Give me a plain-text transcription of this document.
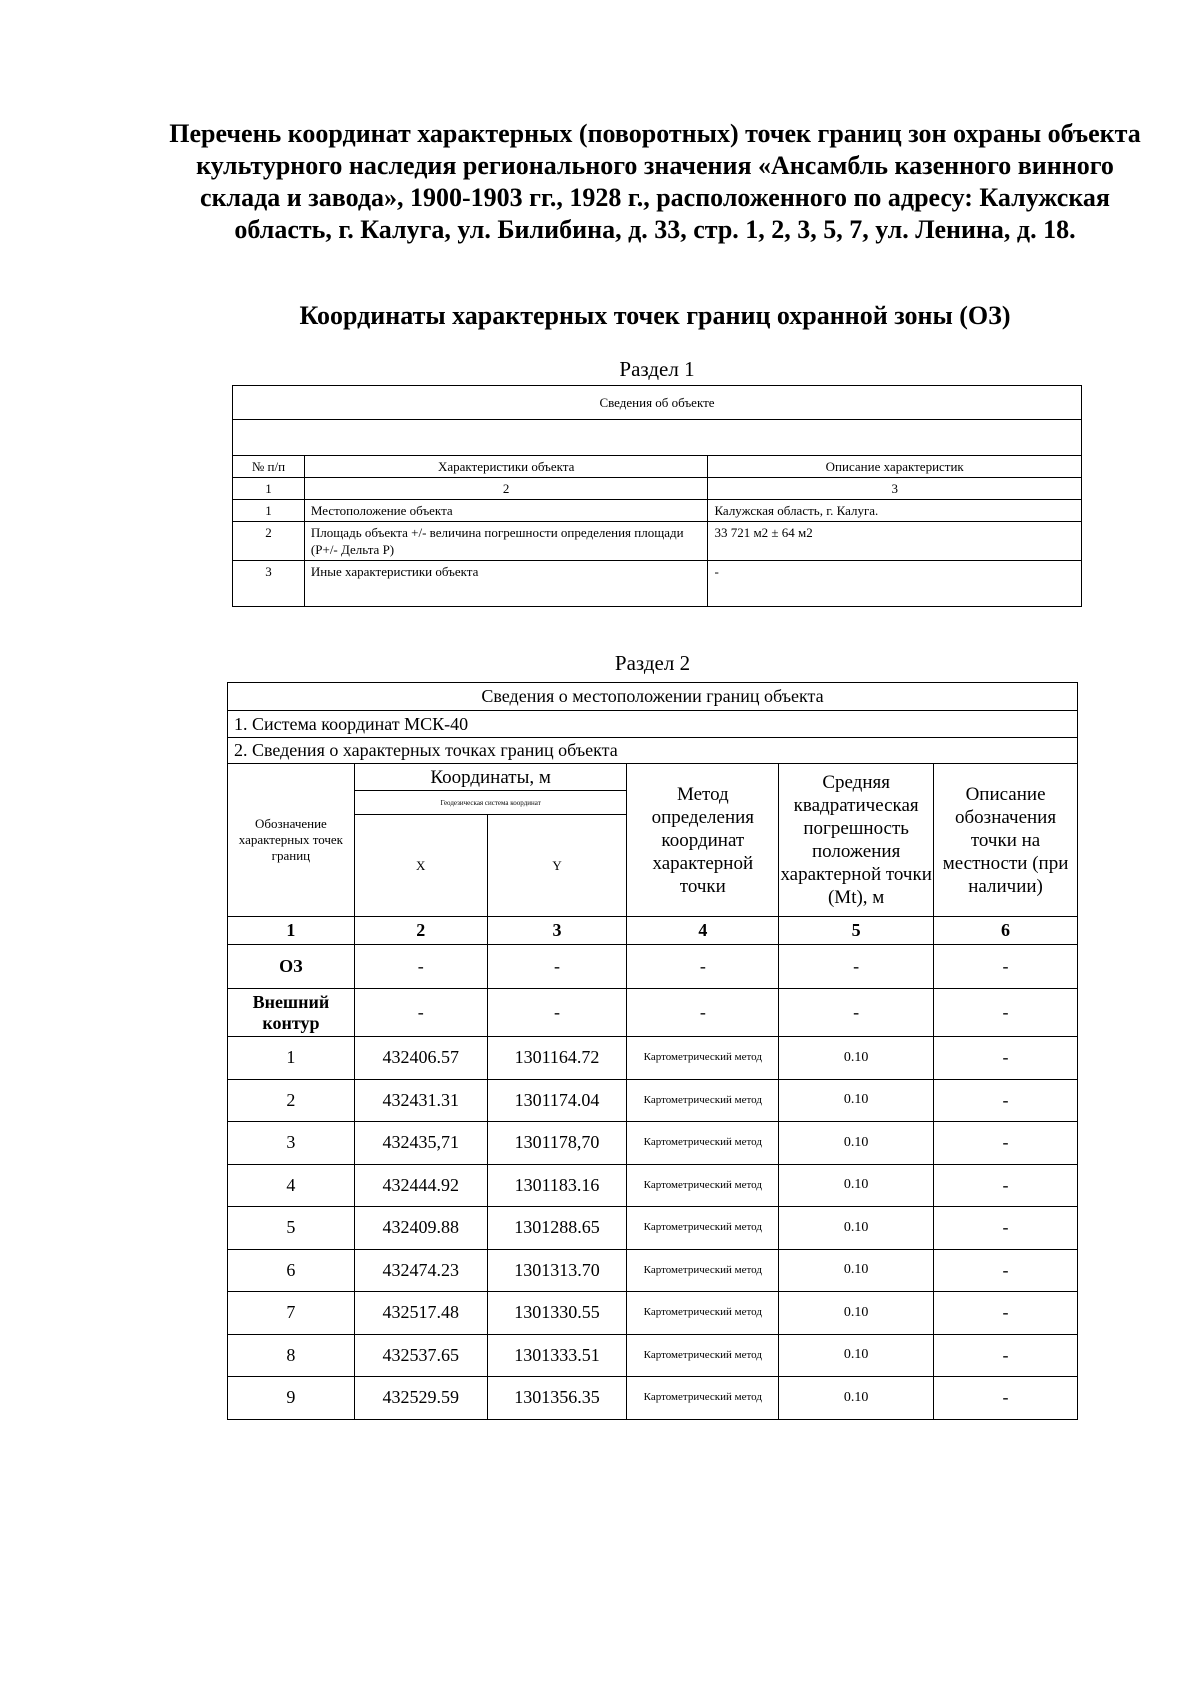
Перечень координат характерных (поворотных) точек границ зон охраны объекта культурного наследия регионального значения «Ансамбль казенного винного склада и завода», 1900-1903 гг., 1928 г., расположенного по адресу: Калужская область, г. Калуга, ул. Билибина, д. 33, стр. 1, 2, 3, 5, 7, ул. Ленина, д. 18.
Координаты характерных точек границ охранной зоны (ОЗ)
Раздел 1
Сведения об объекте		

№ п/п	Характеристики объекта	Описание характеристик
1	2	3
1	Местоположение объекта	Калужская область, г. Калуга.
2	Площадь объекта +/- величина погрешности определения площади (Р+/- Дельта Р)	33 721 м2 ± 64 м2
3	Иные характеристики объекта	-
Раздел 2
Сведения о местоположении границ объекта					
1. Система координат МСК-40					
2. Сведения о характерных точках границ объекта					
Обозначение характерных точек границ	Координаты, м		Метод определения координат характерной точки	Средняя квадратическая погрешность положения характерной точки (Mt), м	Описание обозначения точки на местности (при наличии)
	Геодезическая система координат				
	X	Y			
1	2	3	4	5	6
ОЗ	-	-	-	-	-
Внешний контур	-	-	-	-	-
1	432406.57	1301164.72	Картометрический метод	0.10	-
2	432431.31	1301174.04	Картометрический метод	0.10	-
3	432435,71	1301178,70	Картометрический метод	0.10	-
4	432444.92	1301183.16	Картометрический метод	0.10	-
5	432409.88	1301288.65	Картометрический метод	0.10	-
6	432474.23	1301313.70	Картометрический метод	0.10	-
7	432517.48	1301330.55	Картометрический метод	0.10	-
8	432537.65	1301333.51	Картометрический метод	0.10	-
9	432529.59	1301356.35	Картометрический метод	0.10	-
